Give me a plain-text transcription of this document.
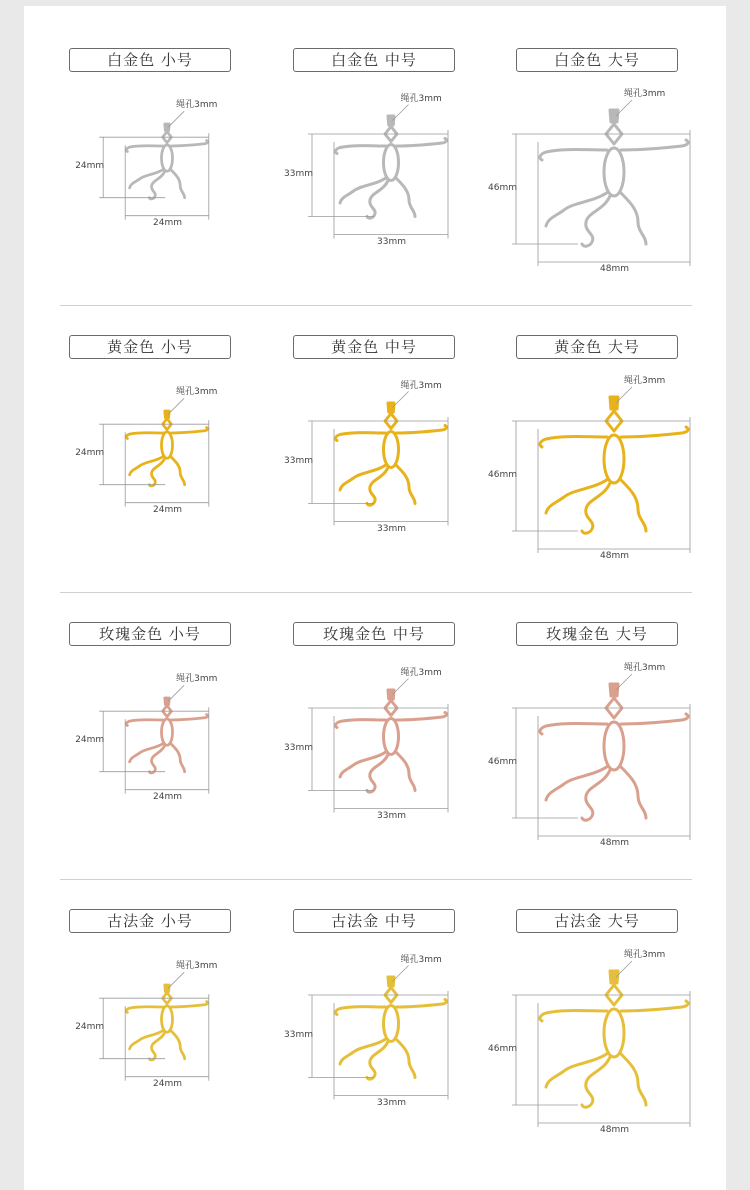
白金色 小号
24mm
24mm
绳孔3mm
白金色 中号
33mm
33mm
绳孔3mm
白金色 大号
46mm
48mm
绳孔3mm
黄金色 小号
24mm
24mm
绳孔3mm
黄金色 中号
33mm
33mm
绳孔3mm
黄金色 大号
46mm
48mm
绳孔3mm
玫瑰金色 小号
24mm
24mm
绳孔3mm
玫瑰金色 中号
33mm
33mm
绳孔3mm
玫瑰金色 大号
46mm
48mm
绳孔3mm
古法金 小号
24mm
24mm
绳孔3mm
古法金 中号
33mm
33mm
绳孔3mm
古法金 大号
46mm
48mm
绳孔3mm
